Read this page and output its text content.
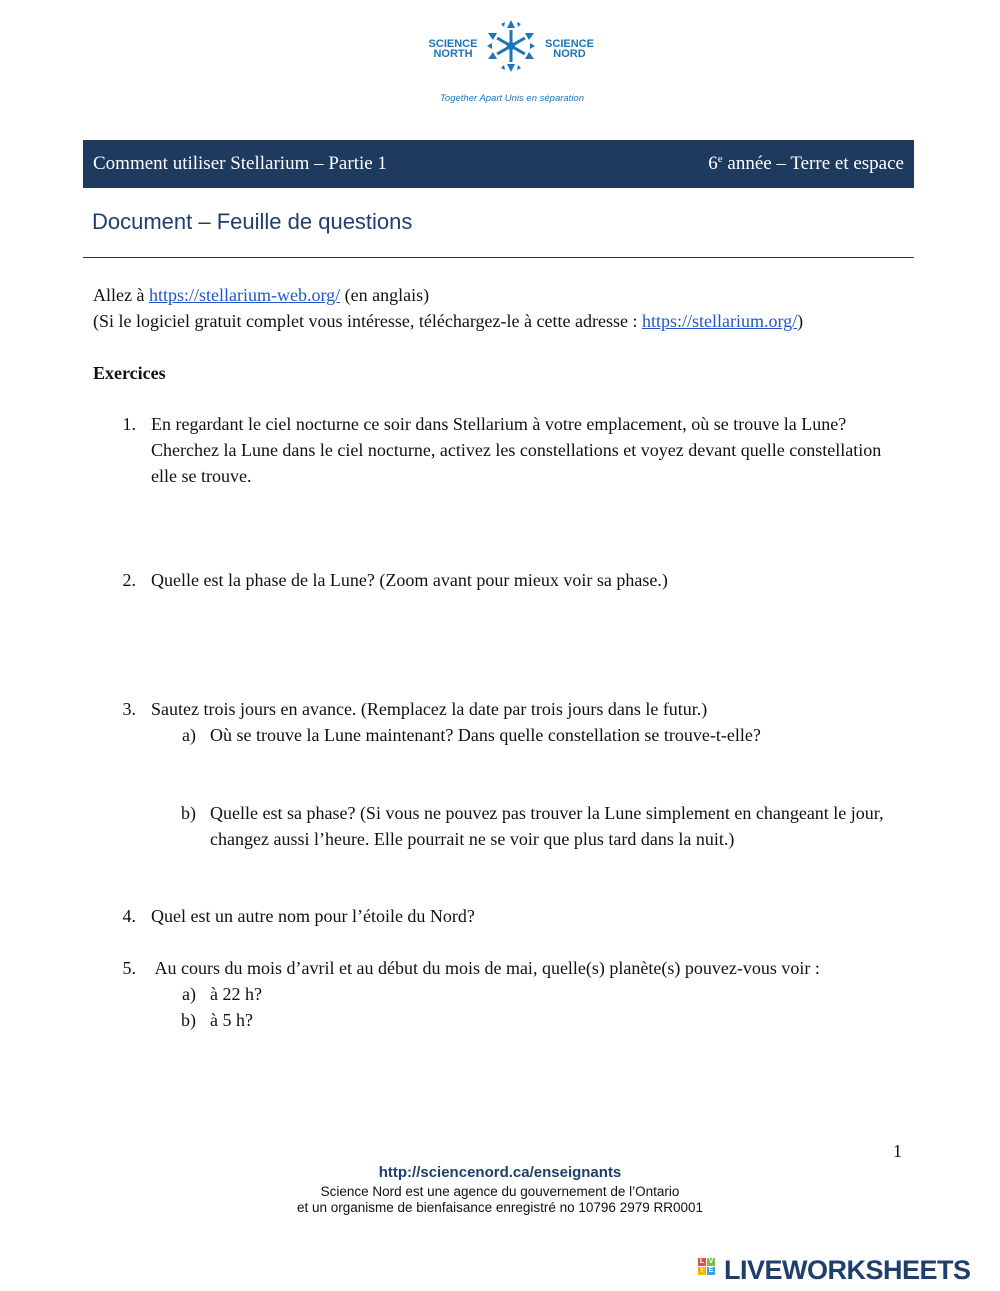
SCIENCE
NORTH
SCIENCE
NORD
Together Apart Unis en séparation
Comment utiliser Stellarium – Partie 1	6e année – Terre et espace
Document – Feuille de questions
Allez à https://stellarium-web.org/ (en anglais)
(Si le logiciel gratuit complet vous intéresse, téléchargez-le à cette adresse : https://stellarium.org/)
Exercices
1. En regardant le ciel nocturne ce soir dans Stellarium à votre emplacement, où se trouve la Lune? Cherchez la Lune dans le ciel nocturne, activez les constellations et voyez devant quelle constellation elle se trouve.
2. Quelle est la phase de la Lune? (Zoom avant pour mieux voir sa phase.)
3. Sautez trois jours en avance. (Remplacez la date par trois jours dans le futur.)
a) Où se trouve la Lune maintenant? Dans quelle constellation se trouve-t-elle?
b) Quelle est sa phase? (Si vous ne pouvez pas trouver la Lune simplement en changeant le jour, changez aussi l’heure. Elle pourrait ne se voir que plus tard dans la nuit.)
4. Quel est un autre nom pour l’étoile du Nord?
5. Au cours du mois d’avril et au début du mois de mai, quelle(s) planète(s) pouvez-vous voir :
a) à 22 h?
b) à 5 h?
1
http://sciencenord.ca/enseignants
Science Nord est une agence du gouvernement de l’Ontario
et un organisme de bienfaisance enregistré no 10796 2979 RR0001
L
I
V
E LIVEWORKSHEETS
